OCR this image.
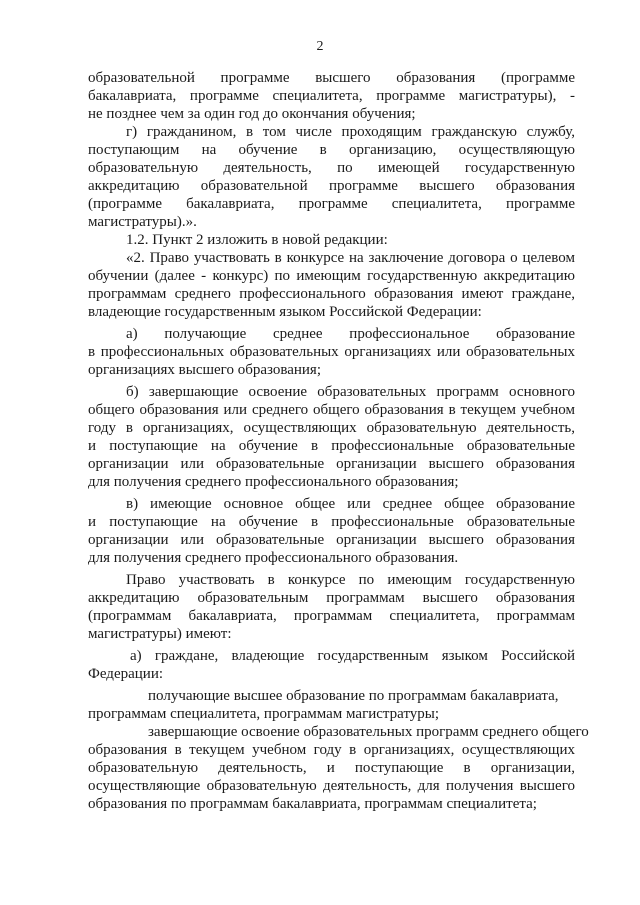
2
образовательной программе высшего образования (программе
бакалавриата, программе специалитета, программе магистратуры), -
не позднее чем за один год до окончания обучения;
г) гражданином, в том числе проходящим гражданскую службу,
поступающим на обучение в организацию, осуществляющую
образовательную деятельность, по имеющей государственную
аккредитацию образовательной программе высшего образования
(программе бакалавриата, программе специалитета, программе
магистратуры).».
1.2. Пункт 2 изложить в новой редакции:
«2. Право участвовать в конкурсе на заключение договора о целевом
обучении (далее - конкурс) по имеющим государственную аккредитацию
программам среднего профессионального образования имеют граждане,
владеющие государственным языком Российской Федерации:
а) получающие среднее профессиональное образование
в профессиональных образовательных организациях или образовательных
организациях высшего образования;
б) завершающие освоение образовательных программ основного
общего образования или среднего общего образования в текущем учебном
году в организациях, осуществляющих образовательную деятельность,
и поступающие на обучение в профессиональные образовательные
организации или образовательные организации высшего образования
для получения среднего профессионального образования;
в) имеющие основное общее или среднее общее образование
и поступающие на обучение в профессиональные образовательные
организации или образовательные организации высшего образования
для получения среднего профессионального образования.
Право участвовать в конкурсе по имеющим государственную
аккредитацию образовательным программам высшего образования
(программам бакалавриата, программам специалитета, программам
магистратуры) имеют:
а) граждане, владеющие государственным языком Российской
Федерации:
получающие высшее образование по программам бакалавриата,
программам специалитета, программам магистратуры;
завершающие освоение образовательных программ среднего общего
образования в текущем учебном году в организациях, осуществляющих
образовательную деятельность, и поступающие в организации,
осуществляющие образовательную деятельность, для получения высшего
образования по программам бакалавриата, программам специалитета;
